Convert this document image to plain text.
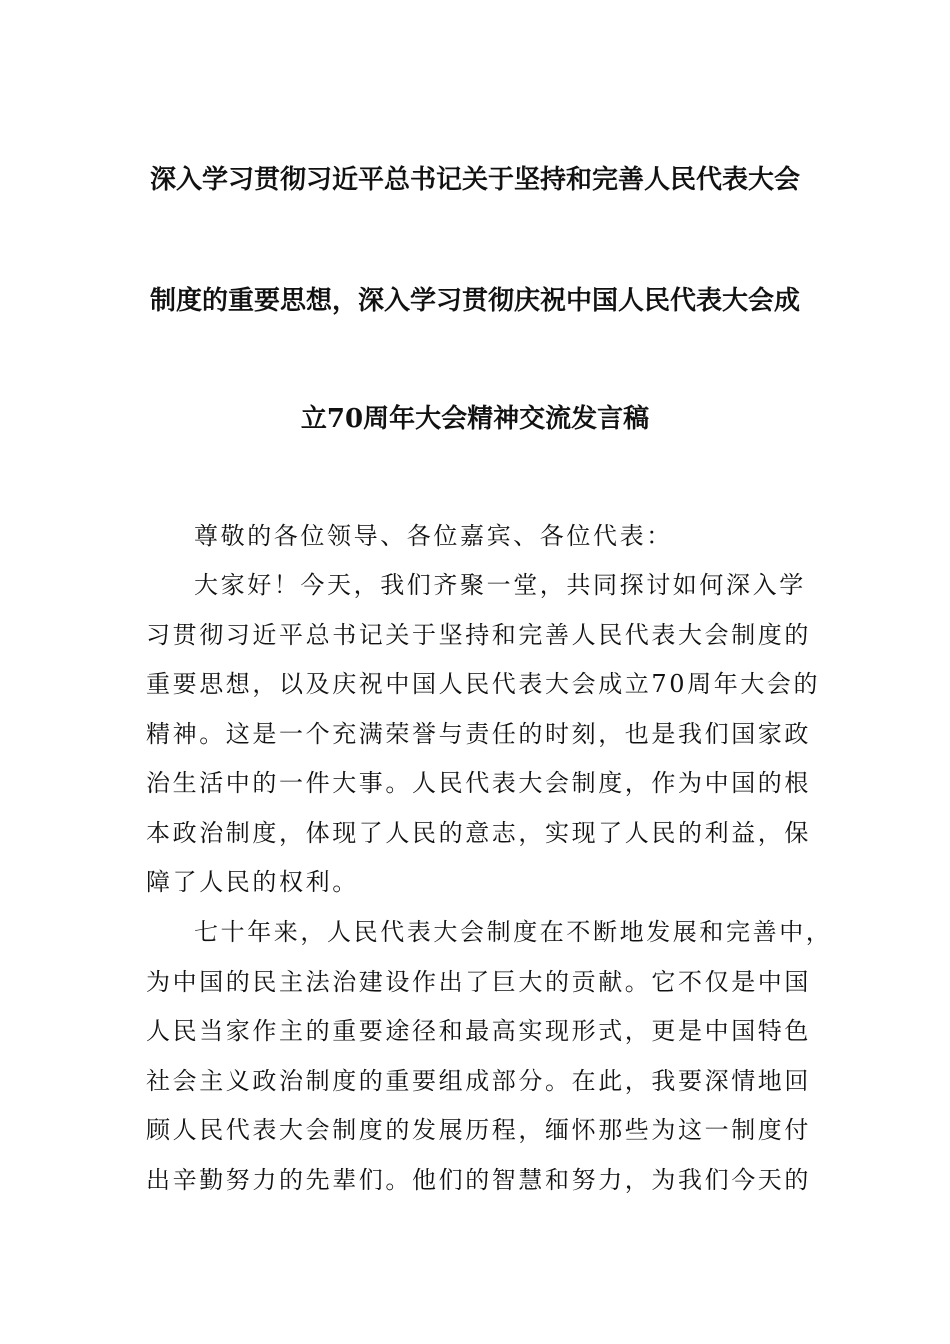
深入学习贯彻习近平总书记关于坚持和完善人民代表大会
制度的重要思想，深入学习贯彻庆祝中国人民代表大会成
立70周年大会精神交流发言稿
尊敬的各位领导、各位嘉宾、各位代表：
大家好！今天，我们齐聚一堂，共同探讨如何深入学
习贯彻习近平总书记关于坚持和完善人民代表大会制度的
重要思想，以及庆祝中国人民代表大会成立70周年大会的
精神。这是一个充满荣誉与责任的时刻，也是我们国家政
治生活中的一件大事。人民代表大会制度，作为中国的根
本政治制度，体现了人民的意志，实现了人民的利益，保
障了人民的权利。
七十年来，人民代表大会制度在不断地发展和完善中，
为中国的民主法治建设作出了巨大的贡献。它不仅是中国
人民当家作主的重要途径和最高实现形式，更是中国特色
社会主义政治制度的重要组成部分。在此，我要深情地回
顾人民代表大会制度的发展历程，缅怀那些为这一制度付
出辛勤努力的先辈们。他们的智慧和努力，为我们今天的
